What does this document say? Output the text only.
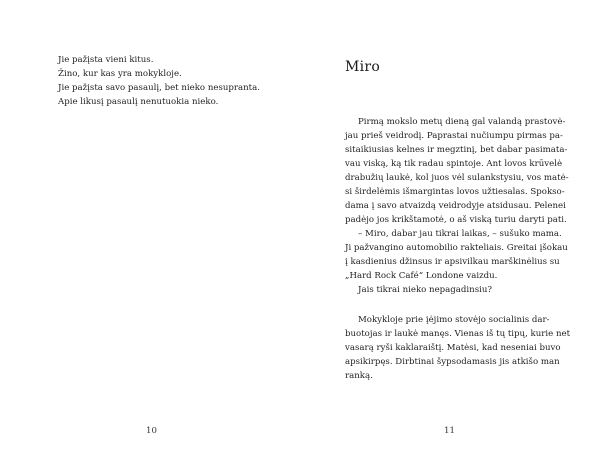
Jie pažįsta vieni kitus.
Žino, kur kas yra mokykloje.
Jie pažįsta savo pasaulį, bet nieko nesupranta.
Apie likusį pasaulį nenutuokia nieko.
10
Miro
Pirmą mokslo metų dieną gal valandą prastovė-
jau prieš veidrodį. Paprastai nučiumpu pirmas pa-
sitaikiusias kelnes ir megztinį, bet dabar pasimata-
vau viską, ką tik radau spintoje. Ant lovos krūvelė
drabužių laukė, kol juos vėl sulankstysiu, vos matė-
si širdelėmis išmargintas lovos užtiesalas. Spokso-
dama į savo atvaizdą veidrodyje atsidusau. Pelenei
padėjo jos krikštamotė, o aš viską turiu daryti pati.
– Miro, dabar jau tikrai laikas, – sušuko mama.
Ji pažvangino automobilio rakteliais. Greitai įšokau
į kasdienius džinsus ir apsivilkau marškinėlius su
„Hard Rock Café“ Londone vaizdu.
Jais tikrai nieko nepagadinsiu?
Mokykloje prie įėjimo stovėjo socialinis dar-
buotojas ir laukė manęs. Vienas iš tų tipų, kurie net
vasarą ryši kaklaraištį. Matėsi, kad neseniai buvo
apsikirpęs. Dirbtinai šypsodamasis jis atkišo man
ranką.
11
